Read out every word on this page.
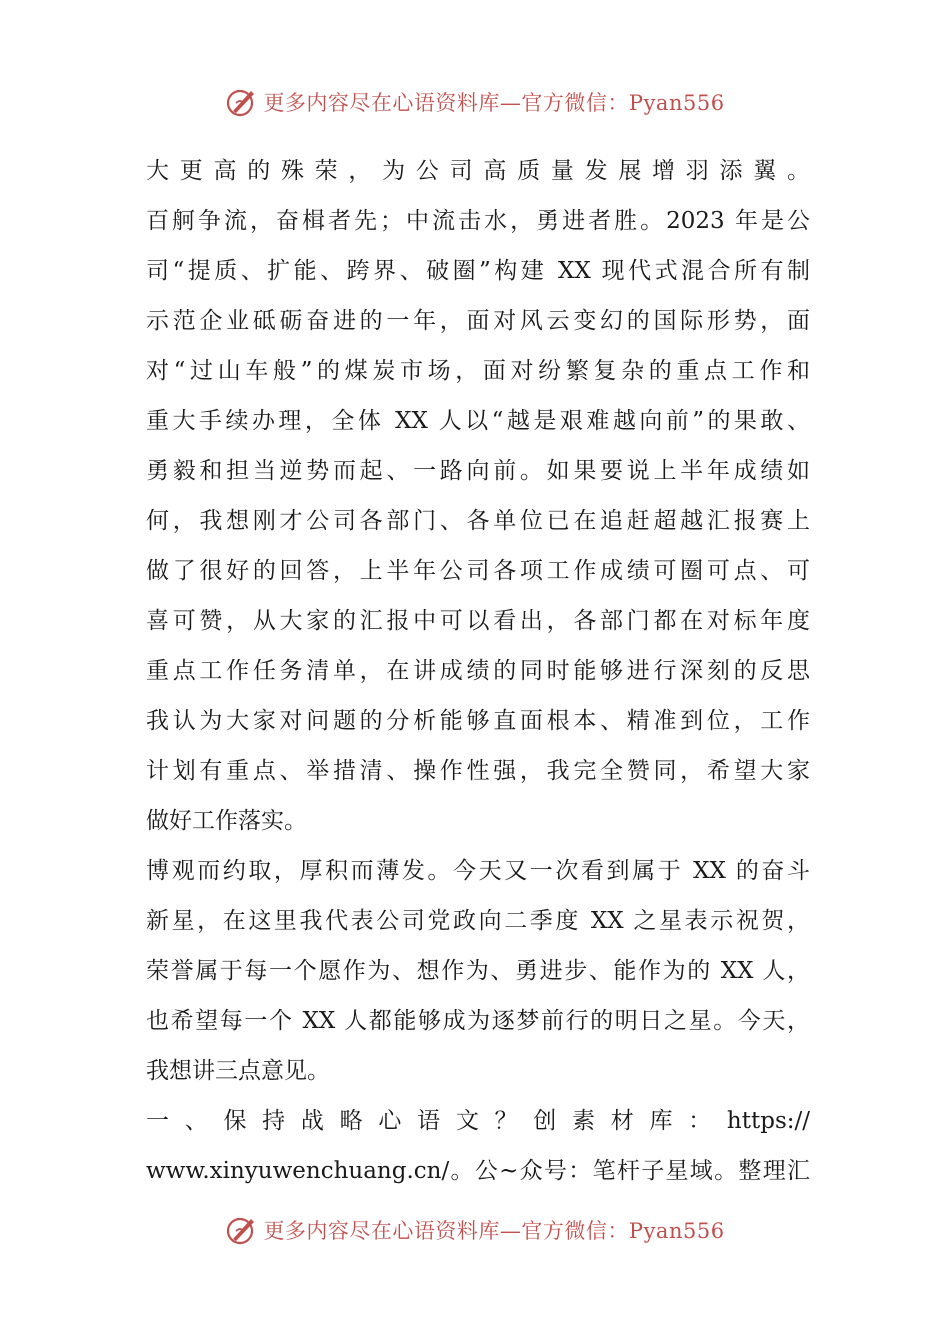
更多内容尽在心语资料库—官方微信：Pyan556
大更高的殊荣，为公司高质量发展增羽添翼。
百舸争流，奋楫者先；中流击水，勇进者胜。2023 年是公
司“提质、扩能、跨界、破圈”构建 XX 现代式混合所有制
示范企业砥砺奋进的一年，面对风云变幻的国际形势，面
对“过山车般”的煤炭市场，面对纷繁复杂的重点工作和
重大手续办理，全体 XX 人以“越是艰难越向前”的果敢、
勇毅和担当逆势而起、一路向前。如果要说上半年成绩如
何，我想刚才公司各部门、各单位已在追赶超越汇报赛上
做了很好的回答，上半年公司各项工作成绩可圈可点、可
喜可赞，从大家的汇报中可以看出，各部门都在对标年度
重点工作任务清单，在讲成绩的同时能够进行深刻的反思
我认为大家对问题的分析能够直面根本、精准到位，工作
计划有重点、举措清、操作性强，我完全赞同，希望大家
做好工作落实。
博观而约取，厚积而薄发。今天又一次看到属于 XX 的奋斗
新星，在这里我代表公司党政向二季度 XX 之星表示祝贺，
荣誉属于每一个愿作为、想作为、勇进步、能作为的 XX 人，
也希望每一个 XX 人都能够成为逐梦前行的明日之星。今天，
我想讲三点意见。
一、保持战略心语文？创素材库：https://
www.xinyuwenchuang.cn/。公~众号：笔杆子星域。整理汇
更多内容尽在心语资料库—官方微信：Pyan556
